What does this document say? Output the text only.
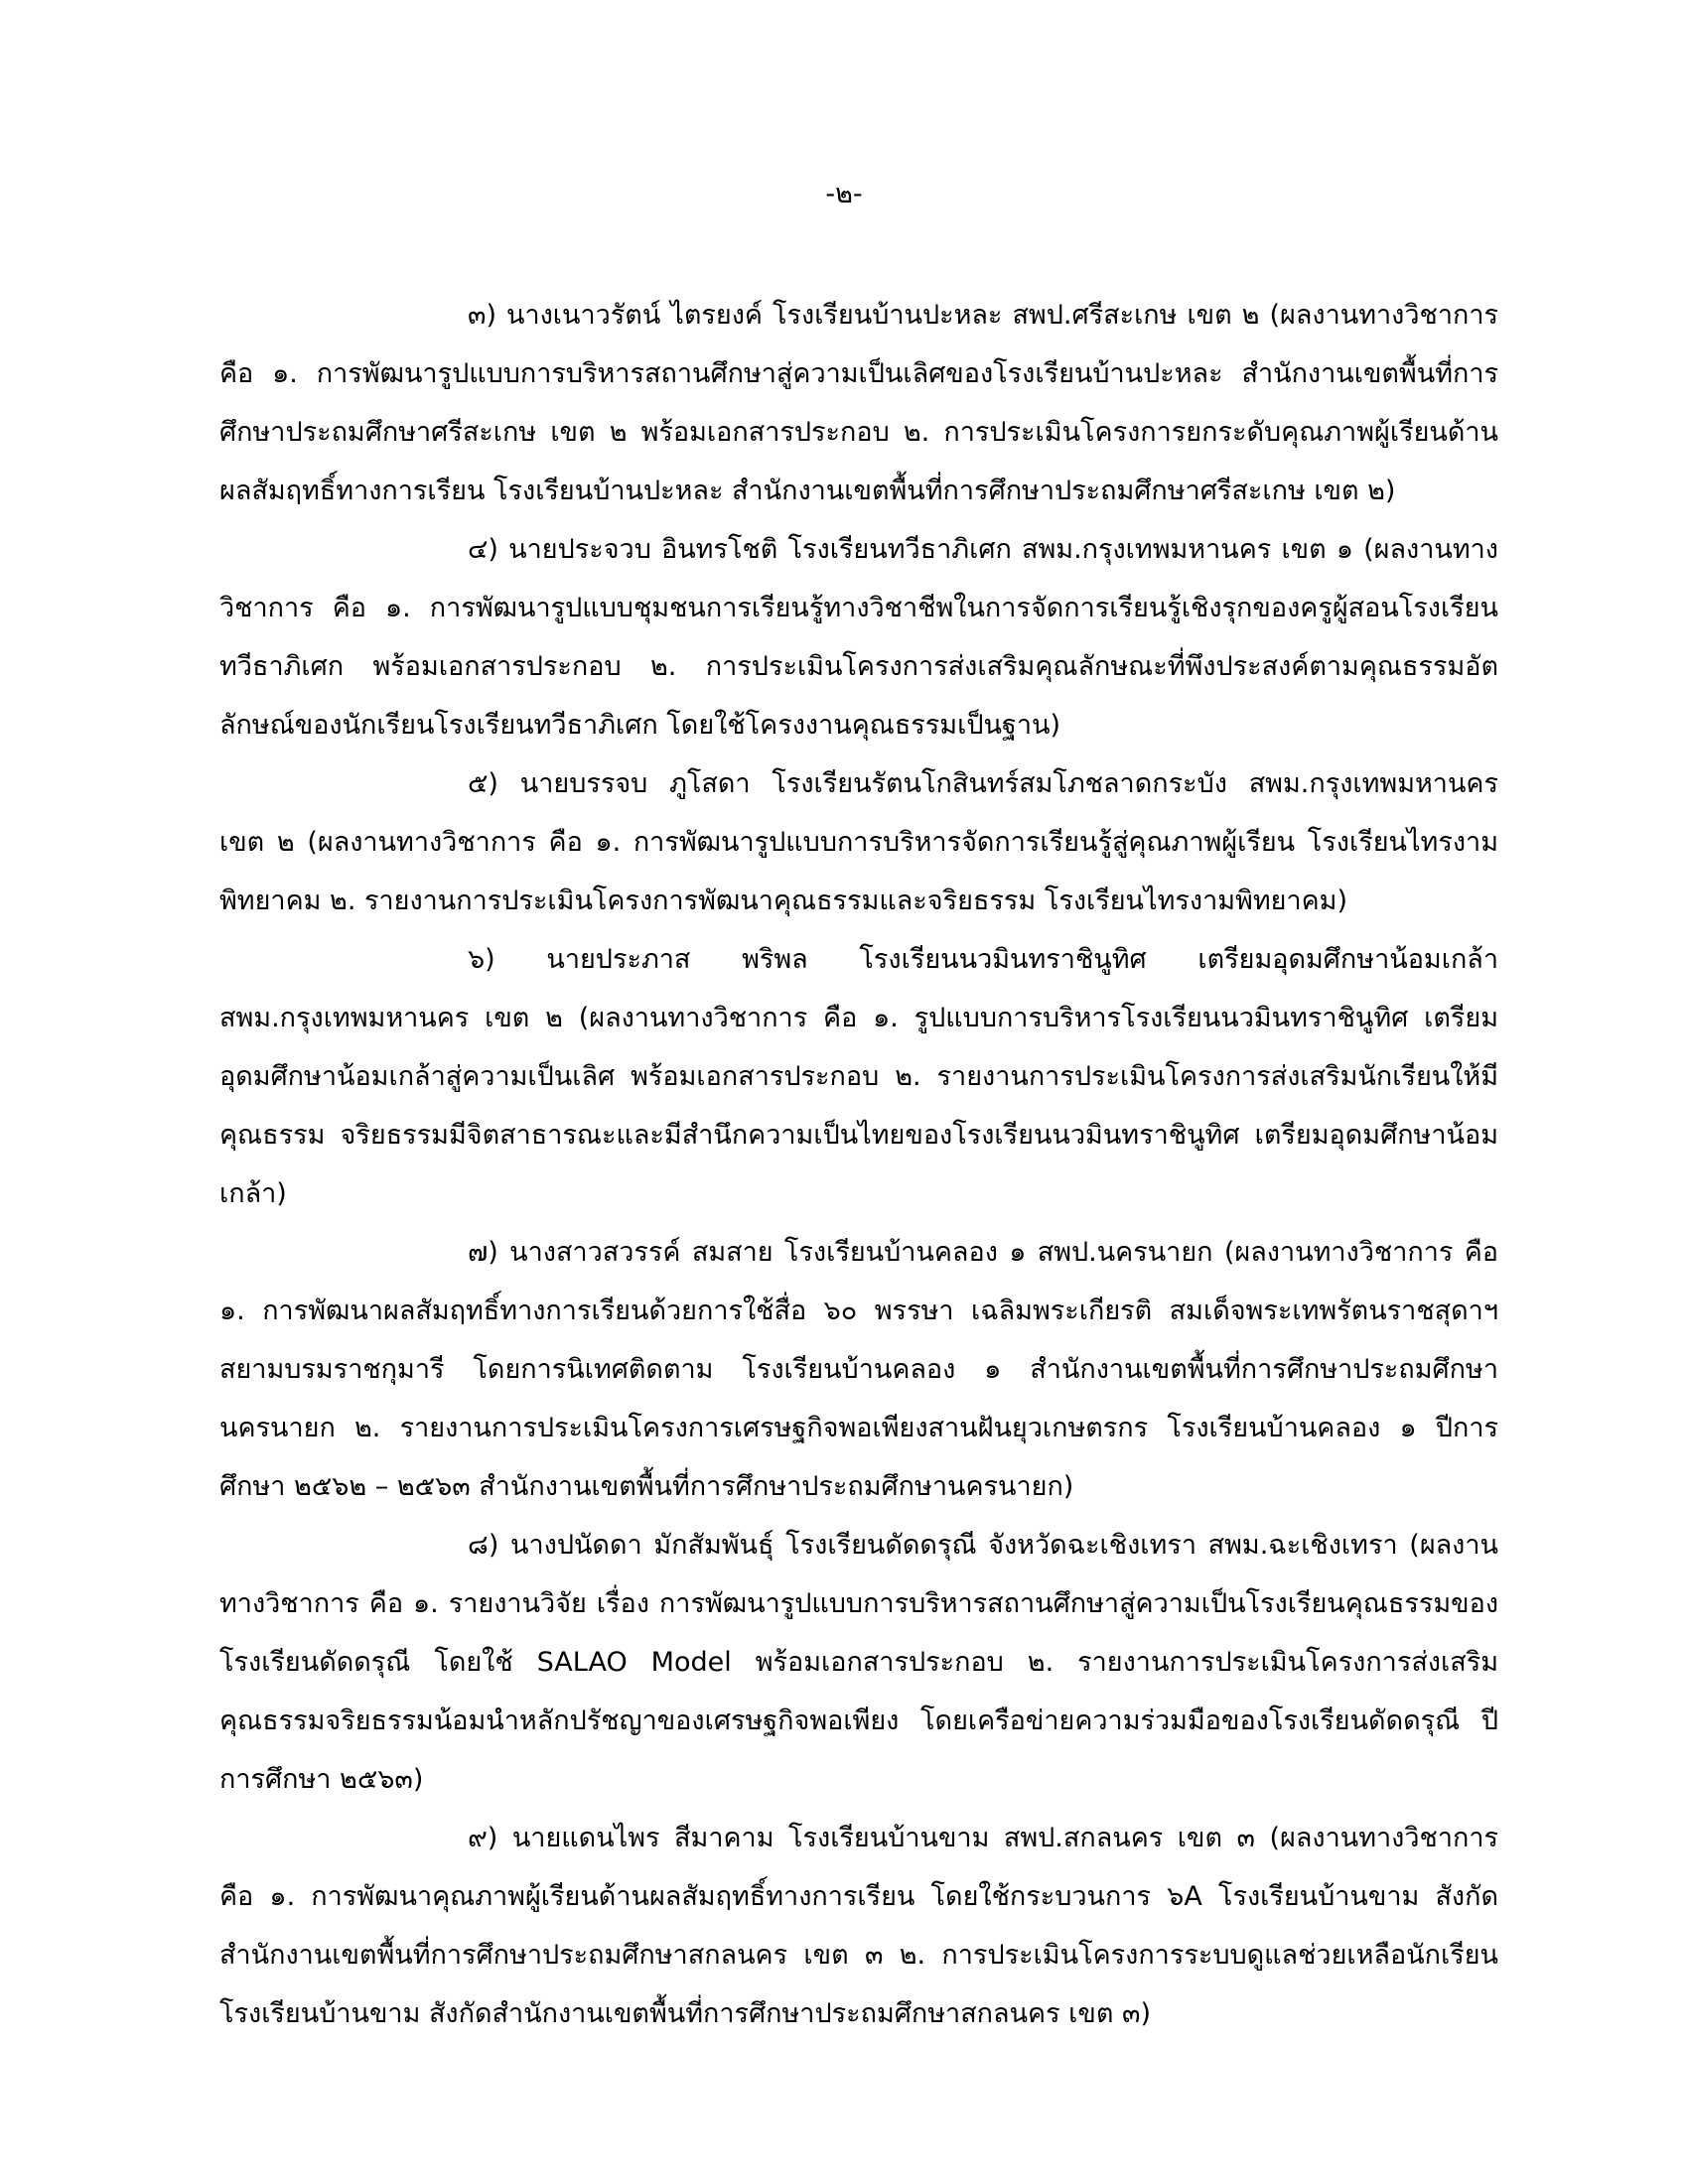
-๒-

๓) นางเนาวรัตน์ ไตรยงค์ โรงเรียนบ้านปะหละ สพป.ศรีสะเกษ เขต ๒ (ผลงานทางวิชาการ คือ ๑. การพัฒนารูปแบบการบริหารสถานศึกษาสู่ความเป็นเลิศของโรงเรียนบ้านปะหละ สำนักงานเขตพื้นที่การศึกษาประถมศึกษาศรีสะเกษ เขต ๒ พร้อมเอกสารประกอบ ๒. การประเมินโครงการยกระดับคุณภาพผู้เรียนด้านผลสัมฤทธิ์ทางการเรียน โรงเรียนบ้านปะหละ สำนักงานเขตพื้นที่การศึกษาประถมศึกษาศรีสะเกษ เขต ๒)

๔) นายประจวบ อินทรโชติ โรงเรียนทวีธาภิเศก สพม.กรุงเทพมหานคร เขต ๑ (ผลงานทางวิชาการ คือ ๑. การพัฒนารูปแบบชุมชนการเรียนรู้ทางวิชาชีพในการจัดการเรียนรู้เชิงรุกของครูผู้สอนโรงเรียนทวีธาภิเศก พร้อมเอกสารประกอบ ๒. การประเมินโครงการส่งเสริมคุณลักษณะที่พึงประสงค์ตามคุณธรรมอัตลักษณ์ของนักเรียนโรงเรียนทวีธาภิเศก โดยใช้โครงงานคุณธรรมเป็นฐาน)

๕) นายบรรจบ ภูโสดา โรงเรียนรัตนโกสินทร์สมโภชลาดกระบัง สพม.กรุงเทพมหานคร เขต ๒ (ผลงานทางวิชาการ คือ ๑. การพัฒนารูปแบบการบริหารจัดการเรียนรู้สู่คุณภาพผู้เรียน โรงเรียนไทรงามพิทยาคม ๒. รายงานการประเมินโครงการพัฒนาคุณธรรมและจริยธรรม โรงเรียนไทรงามพิทยาคม)

๖) นายประภาส พริพล โรงเรียนนวมินทราชินูทิศ เตรียมอุดมศึกษาน้อมเกล้า สพม.กรุงเทพมหานคร เขต ๒ (ผลงานทางวิชาการ คือ ๑. รูปแบบการบริหารโรงเรียนนวมินทราชินูทิศ เตรียมอุดมศึกษาน้อมเกล้าสู่ความเป็นเลิศ พร้อมเอกสารประกอบ ๒. รายงานการประเมินโครงการส่งเสริมนักเรียนให้มีคุณธรรม จริยธรรมมีจิตสาธารณะและมีสำนึกความเป็นไทยของโรงเรียนนวมินทราชินูทิศ เตรียมอุดมศึกษาน้อมเกล้า)

๗) นางสาวสวรรค์ สมสาย โรงเรียนบ้านคลอง ๑ สพป.นครนายก (ผลงานทางวิชาการ คือ ๑. การพัฒนาผลสัมฤทธิ์ทางการเรียนด้วยการใช้สื่อ ๖๐ พรรษา เฉลิมพระเกียรติ สมเด็จพระเทพรัตนราชสุดาฯ สยามบรมราชกุมารี โดยการนิเทศติดตาม โรงเรียนบ้านคลอง ๑ สำนักงานเขตพื้นที่การศึกษาประถมศึกษานครนายก ๒. รายงานการประเมินโครงการเศรษฐกิจพอเพียงสานฝันยุวเกษตรกร โรงเรียนบ้านคลอง ๑ ปีการศึกษา ๒๕๖๒ – ๒๕๖๓ สำนักงานเขตพื้นที่การศึกษาประถมศึกษานครนายก)

๘) นางปนัดดา มักสัมพันธุ์ โรงเรียนดัดดรุณี จังหวัดฉะเชิงเทรา สพม.ฉะเชิงเทรา (ผลงานทางวิชาการ คือ ๑. รายงานวิจัย เรื่อง การพัฒนารูปแบบการบริหารสถานศึกษาสู่ความเป็นโรงเรียนคุณธรรมของโรงเรียนดัดดรุณี โดยใช้ SALAO Model พร้อมเอกสารประกอบ ๒. รายงานการประเมินโครงการส่งเสริมคุณธรรมจริยธรรมน้อมนำหลักปรัชญาของเศรษฐกิจพอเพียง โดยเครือข่ายความร่วมมือของโรงเรียนดัดดรุณี ปีการศึกษา ๒๕๖๓)

๙) นายแดนไพร สีมาคาม โรงเรียนบ้านขาม สพป.สกลนคร เขต ๓ (ผลงานทางวิชาการ คือ ๑. การพัฒนาคุณภาพผู้เรียนด้านผลสัมฤทธิ์ทางการเรียน โดยใช้กระบวนการ ๖A โรงเรียนบ้านขาม สังกัดสำนักงานเขตพื้นที่การศึกษาประถมศึกษาสกลนคร เขต ๓ ๒. การประเมินโครงการระบบดูแลช่วยเหลือนักเรียนโรงเรียนบ้านขาม สังกัดสำนักงานเขตพื้นที่การศึกษาประถมศึกษาสกลนคร เขต ๓)
